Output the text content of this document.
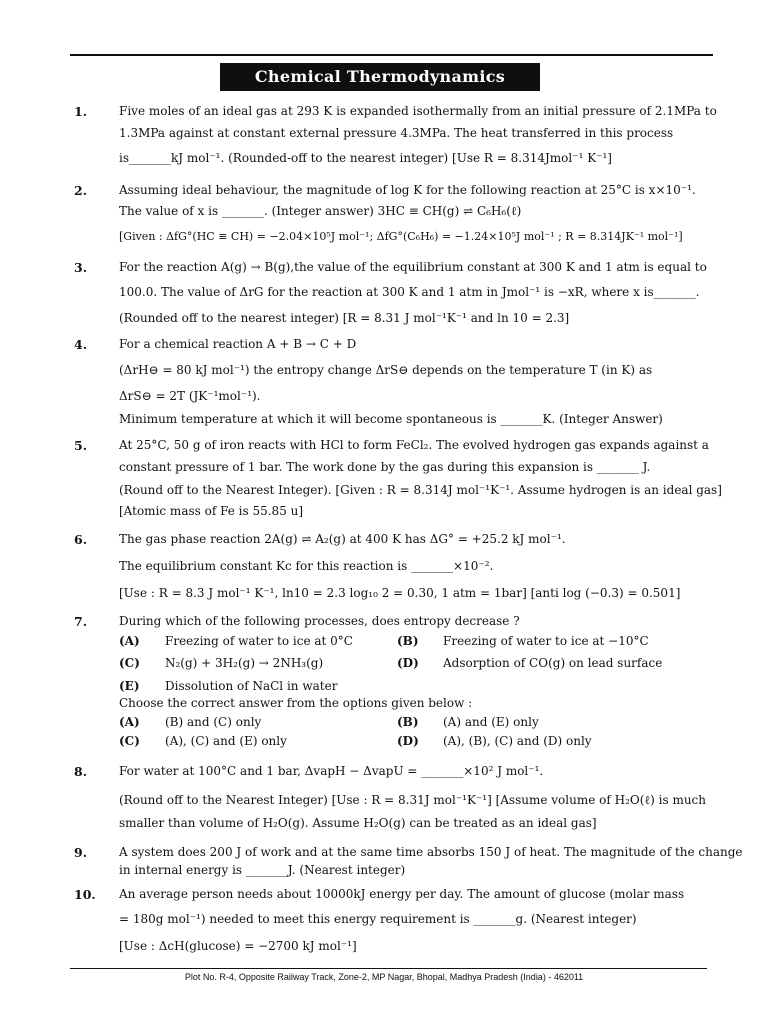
Chemical Thermodynamics
1.	Five moles of an ideal gas at 293 K is expanded isothermally from an initial pressure of 2.1MPa to
1.3MPa against at constant external pressure 4.3MPa. The heat transferred in this process
is_______kJ mol⁻¹. (Rounded-off to the nearest integer) [Use R = 8.314Jmol⁻¹ K⁻¹]
2.	Assuming ideal behaviour, the magnitude of log K for the following reaction at 25°C is x×10⁻¹.
The value of x is _______. (Integer answer) 3HC ≡ CH(g) ⇌ C₆H₆(ℓ)
[Given : ΔfG°(HC ≡ CH) = −2.04×10⁵J mol⁻¹; ΔfG°(C₆H₆) = −1.24×10⁵J mol⁻¹ ; R = 8.314JK⁻¹ mol⁻¹]
3.	For the reaction A(g) → B(g),the value of the equilibrium constant at 300 K and 1 atm is equal to
100.0. The value of ΔrG for the reaction at 300 K and 1 atm in Jmol⁻¹ is −xR, where x is_______.
(Rounded off to the nearest integer) [R = 8.31 J mol⁻¹K⁻¹ and ln 10 = 2.3]
4.	For a chemical reaction A + B → C + D
(ΔrH⊖ = 80 kJ mol⁻¹) the entropy change ΔrS⊖ depends on the temperature T (in K) as
ΔrS⊖ = 2T (JK⁻¹mol⁻¹).
Minimum temperature at which it will become spontaneous is _______K. (Integer Answer)
5.	At 25°C, 50 g of iron reacts with HCl to form FeCl₂. The evolved hydrogen gas expands against a
constant pressure of 1 bar. The work done by the gas during this expansion is _______ J.
(Round off to the Nearest Integer). [Given : R = 8.314J mol⁻¹K⁻¹. Assume hydrogen is an ideal gas]
[Atomic mass of Fe is 55.85 u]
6.	The gas phase reaction 2A(g) ⇌ A₂(g) at 400 K has ΔG° = +25.2 kJ mol⁻¹.
The equilibrium constant Kc for this reaction is _______×10⁻².
[Use : R = 8.3 J mol⁻¹ K⁻¹, ln10 = 2.3 log₁₀ 2 = 0.30, 1 atm = 1bar] [anti log (−0.3) = 0.501]
7.	During which of the following processes, does entropy decrease ?
(A) Freezing of water to ice at 0°C	(B) Freezing of water to ice at −10°C
(C) N₂(g) + 3H₂(g) → 2NH₃(g)	(D) Adsorption of CO(g) on lead surface
(E) Dissolution of NaCl in water
Choose the correct answer from the options given below :
(A) (B) and (C) only	(B) (A) and (E) only
(C) (A), (C) and (E) only	(D) (A), (B), (C) and (D) only
8.	For water at 100°C and 1 bar, ΔvapH − ΔvapU = _______×10² J mol⁻¹.
(Round off to the Nearest Integer) [Use : R = 8.31J mol⁻¹K⁻¹] [Assume volume of H₂O(ℓ) is much
smaller than volume of H₂O(g). Assume H₂O(g) can be treated as an ideal gas]
9.	A system does 200 J of work and at the same time absorbs 150 J of heat. The magnitude of the change
in internal energy is _______J. (Nearest integer)
10. An average person needs about 10000kJ energy per day. The amount of glucose (molar mass
= 180g mol⁻¹) needed to meet this energy requirement is _______g. (Nearest integer)
[Use : ΔcH(glucose) = −2700 kJ mol⁻¹]
Plot No. R-4, Opposite Railway Track, Zone-2, MP Nagar, Bhopal, Madhya Pradesh (India) - 462011
